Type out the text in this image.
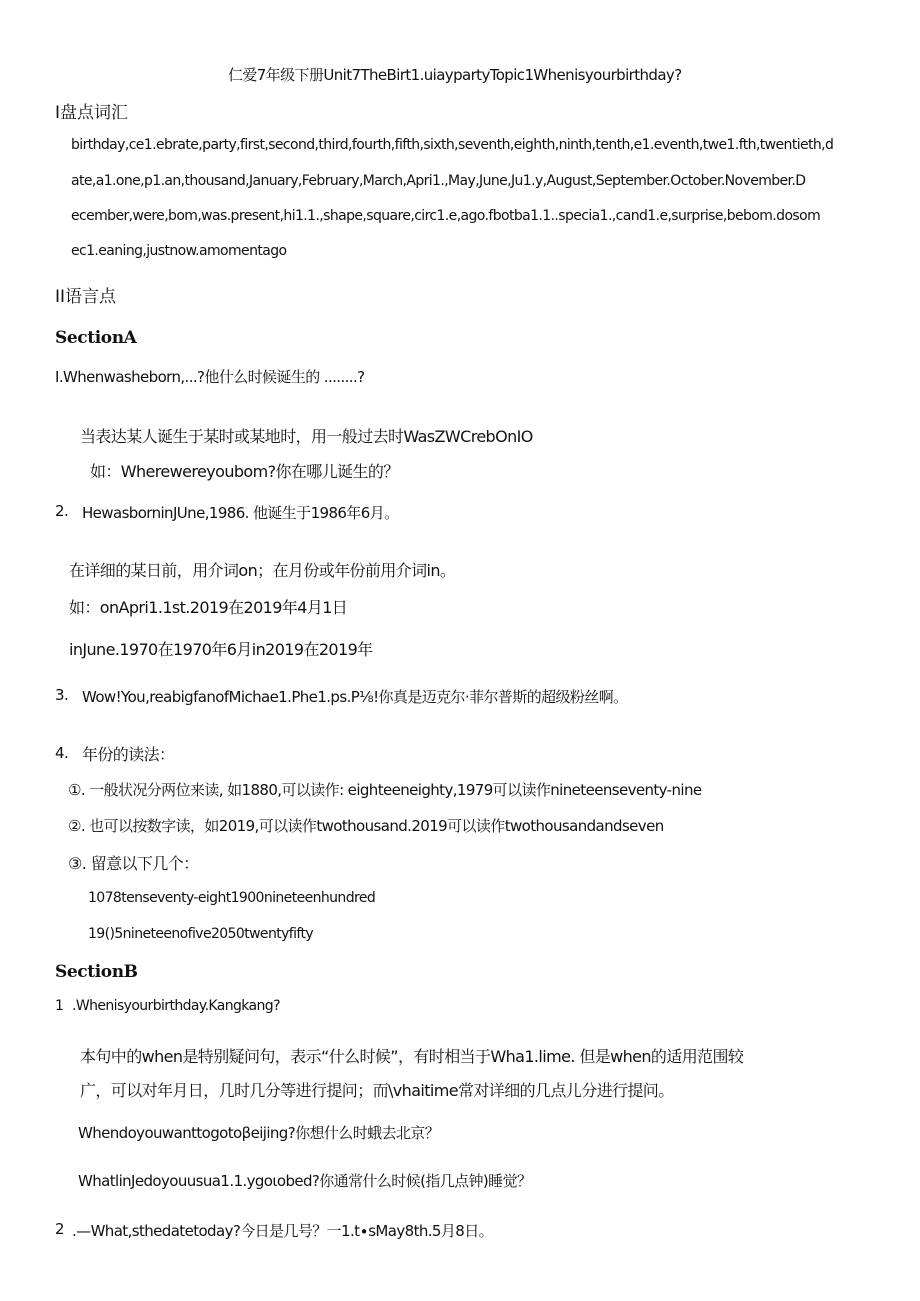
仁爱7年级下册Unit7TheBirt1.uiaypartyTopic1Whenisyourbirthday?
I盘点词汇
birthday,ce1.ebrate,party,first,second,third,fourth,fifth,sixth,seventh,eighth,ninth,tenth,e1.eventh,twe1.fth,twentieth,d
ate,a1.one,p1.an,thousand,January,February,March,Apri1.,May,June,Ju1.y,August,September.October.November.D
ecember,were,bom,was.present,hi1.1.,shape,square,circ1.e,ago.fbotba1.1..specia1.,cand1.e,surprise,bebom.dosom
ec1.eaning,justnow.amomentago
II语言点
SectionA
I.Whenwasheborn,...?他什么时候诞生的 ........?
当表达某人诞生于某时或某地时，用一般过去时WasZWCrebOnIO
如：Wherewereyoubom?你在哪儿诞生的？
2. HewasborninJUne,1986. 他诞生于1986年6月。
在详细的某日前，用介词on；在月份或年份前用介词in。
如：onApri1.1st.2019在2019年4月1日
inJune.1970在1970年6月in2019在2019年
3. Wow!You,reabigfanofMichae1.Phe1.ps.P⅛!你真是迈克尔·菲尔普斯的超级粉丝啊。
4. 年份的读法：
①. 一般状况分两位来读, 如1880,可以读作: eighteeneighty,1979可以读作nineteenseventy-nine
②. 也可以按数字读，如2019,可以读作twothousand.2019可以读作twothousandandseven
③. 留意以下几个：
1078tenseventy-eight1900nineteenhundred
19()5nineteenofive2050twentyfifty
SectionB
1 .Whenisyourbirthday.Kangkang?
本句中的when是特别疑问句，表示“什么时候”，有时相当于Wha1.lime. 但是when的适用范围较
广，可以对年月日，几时几分等进行提问；而\vhaitime常对详细的几点儿分进行提问。
Whendoyouwanttogotoβeijing?你想什么时蛾去北京？
WhatlinJedoyouusua1.1.ygoιobed?你通常什么时候(指几点钟)睡觉？
2 .—What,sthedatetoday?今日是几号？一1.t∙sMay8th.5月8日。
